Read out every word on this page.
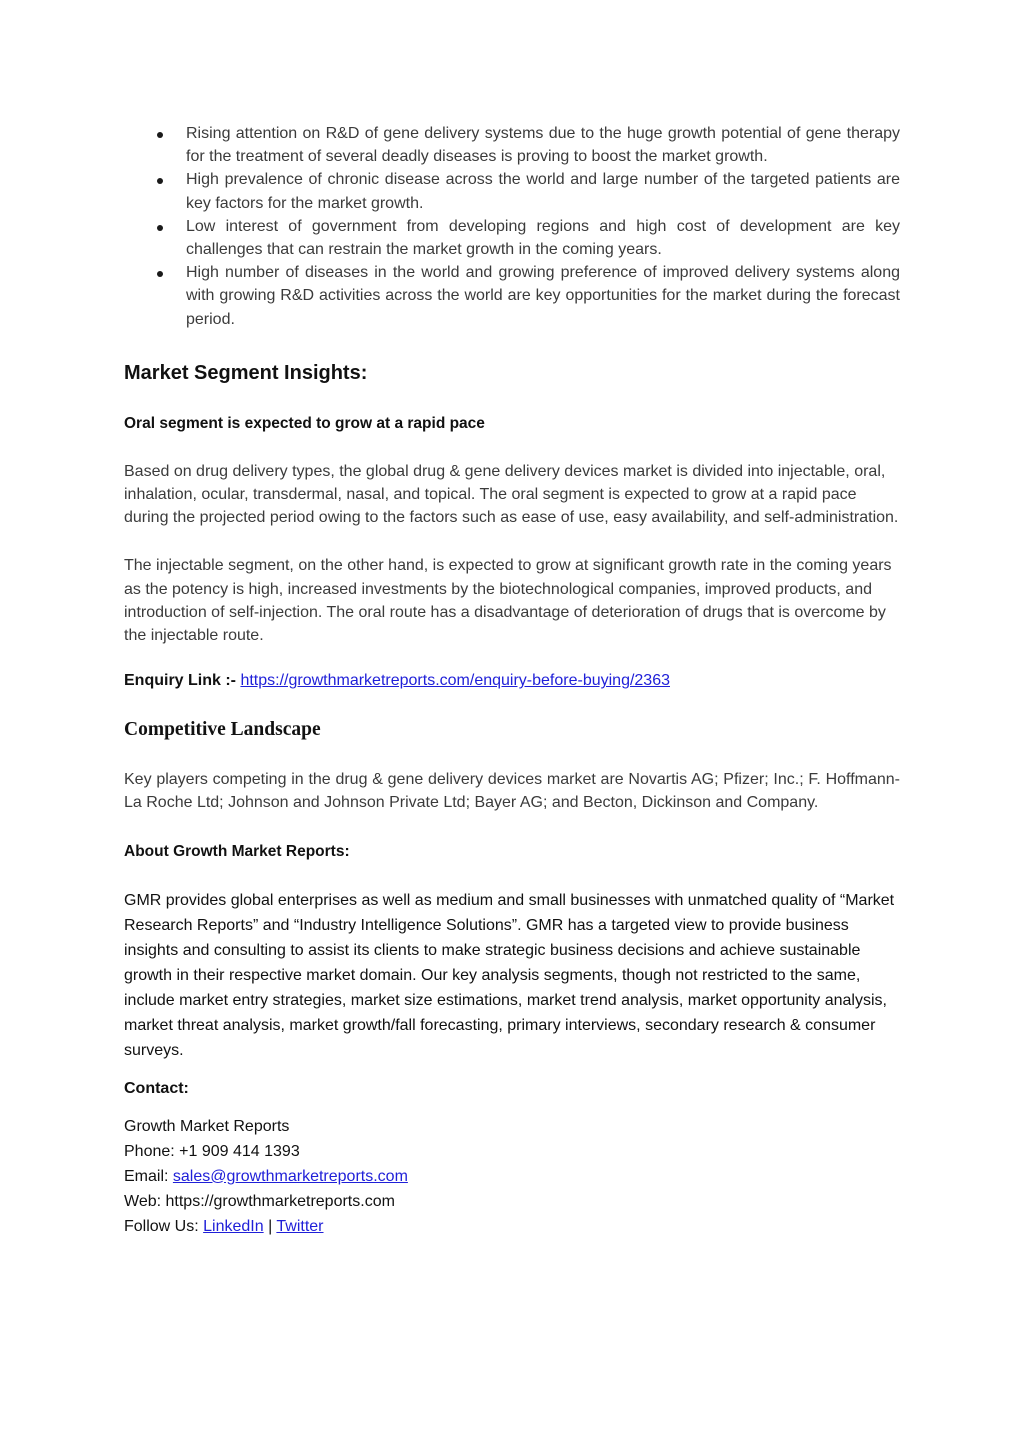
Rising attention on R&D of gene delivery systems due to the huge growth potential of gene therapy for the treatment of several deadly diseases is proving to boost the market growth.
High prevalence of chronic disease across the world and large number of the targeted patients are key factors for the market growth.
Low interest of government from developing regions and high cost of development are key challenges that can restrain the market growth in the coming years.
High number of diseases in the world and growing preference of improved delivery systems along with growing R&D activities across the world are key opportunities for the market during the forecast period.
Market Segment Insights:
Oral segment is expected to grow at a rapid pace

Based on drug delivery types, the global drug & gene delivery devices market is divided into injectable, oral, inhalation, ocular, transdermal, nasal, and topical. The oral segment is expected to grow at a rapid pace during the projected period owing to the factors such as ease of use, easy availability, and self-administration.

The injectable segment, on the other hand, is expected to grow at significant growth rate in the coming years as the potency is high, increased investments by the biotechnological companies, improved products, and introduction of self-injection. The oral route has a disadvantage of deterioration of drugs that is overcome by the injectable route.

Enquiry Link :- https://growthmarketreports.com/enquiry-before-buying/2363
Competitive Landscape

Key players competing in the drug & gene delivery devices market are Novartis AG; Pfizer; Inc.; F. Hoffmann-La Roche Ltd; Johnson and Johnson Private Ltd; Bayer AG; and Becton, Dickinson and Company.

About Growth Market Reports:

GMR provides global enterprises as well as medium and small businesses with unmatched quality of “Market Research Reports” and “Industry Intelligence Solutions”. GMR has a targeted view to provide business insights and consulting to assist its clients to make strategic business decisions and achieve sustainable growth in their respective market domain. Our key analysis segments, though not restricted to the same, include market entry strategies, market size estimations, market trend analysis, market opportunity analysis, market threat analysis, market growth/fall forecasting, primary interviews, secondary research & consumer surveys.

Contact:
Growth Market Reports
Phone: +1 909 414 1393
Email: sales@growthmarketreports.com
Web: https://growthmarketreports.com
Follow Us: LinkedIn | Twitter
